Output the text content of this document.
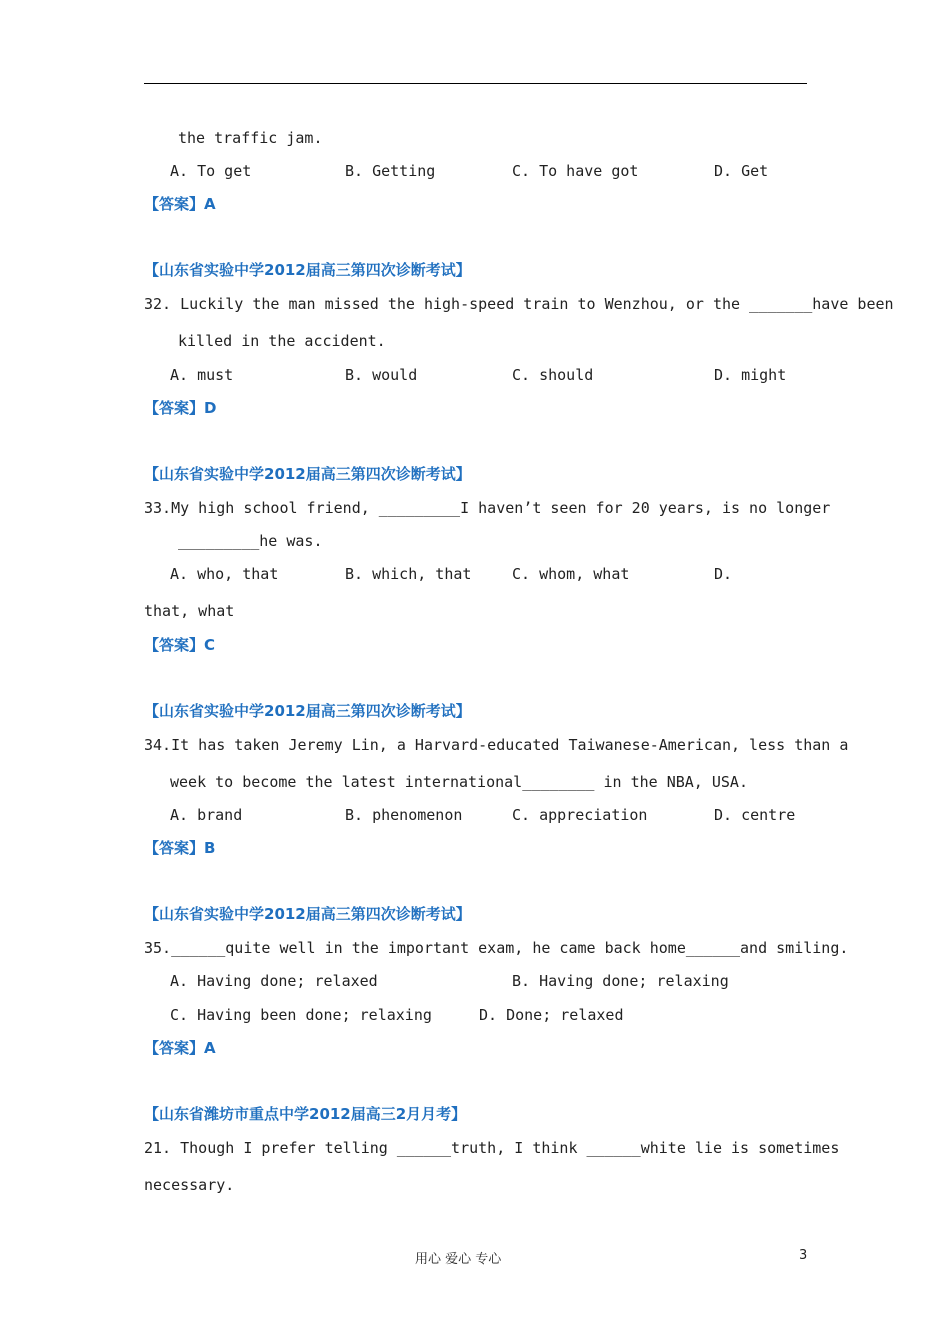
the traffic jam.
A. To get	B. Getting	C. To have got	D. Get
【答案】A
【山东省实验中学2012届高三第四次诊断考试】
32. Luckily the man missed the high-speed train to Wenzhou, or the _______have been
killed in the accident.
A. must	B. would	C. should	D. might
【答案】D
【山东省实验中学2012届高三第四次诊断考试】
33.My high school friend, _________I haven’t seen for 20 years, is no longer
_________he was.
A. who, that	B. which, that	C. whom, what	D.
that, what
【答案】C
【山东省实验中学2012届高三第四次诊断考试】
34.It has taken Jeremy Lin, a Harvard-educated Taiwanese-American, less than a
week to become the latest international________ in the NBA, USA.
A. brand	B. phenomenon	C. appreciation	D. centre
【答案】B
【山东省实验中学2012届高三第四次诊断考试】
35.______quite well in the important exam, he came back home______and smiling.
A. Having done; relaxed	B. Having done; relaxing
C. Having been done; relaxing	D. Done; relaxed
【答案】A
【山东省潍坊市重点中学2012届高三2月月考】
21. Though I prefer telling ______truth, I think ______white lie is sometimes
necessary.
用心 爱心 专心	3
